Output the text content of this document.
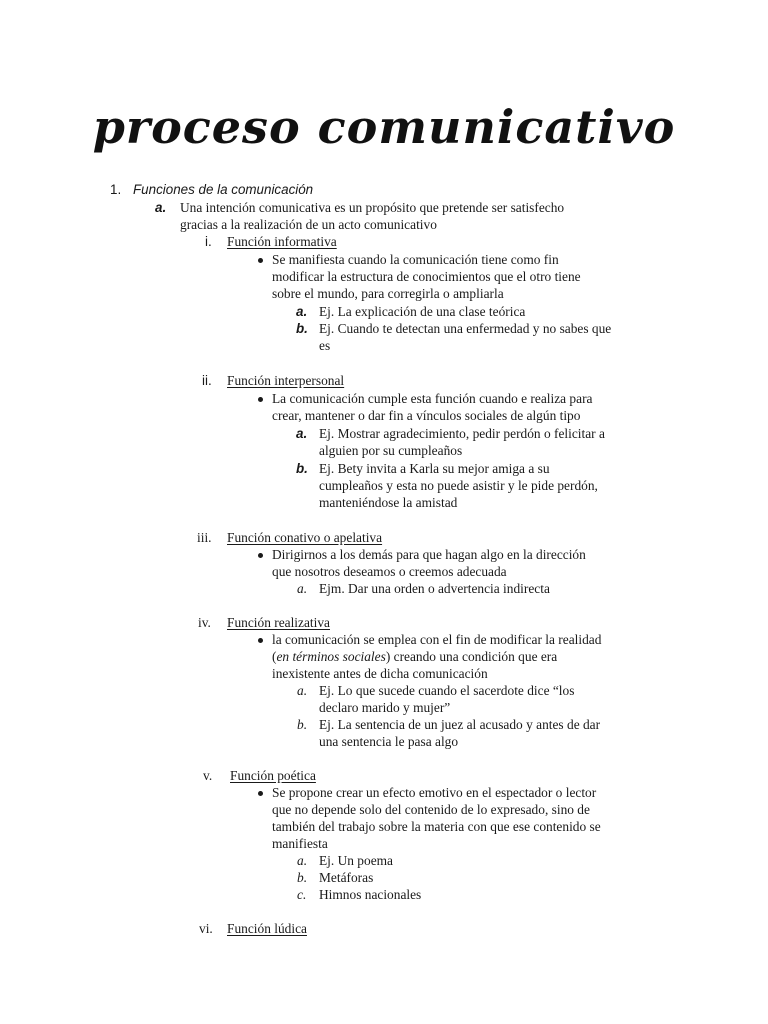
proceso comunicativo
1. Funciones de la comunicación
a. Una intención comunicativa es un propósito que pretende ser satisfecho
gracias a la realización de un acto comunicativo
i. Función informativa
Se manifiesta cuando la comunicación tiene como fin
modificar la estructura de conocimientos que el otro tiene
sobre el mundo, para corregirla o ampliarla
a. Ej. La explicación de una clase teórica
b. Ej. Cuando te detectan una enfermedad y no sabes que
es
ii. Función interpersonal
La comunicación cumple esta función cuando e realiza para
crear, mantener o dar fin a vínculos sociales de algún tipo
a. Ej. Mostrar agradecimiento, pedir perdón o felicitar a
alguien por su cumpleaños
b. Ej. Bety invita a Karla su mejor amiga a su
cumpleaños y esta no puede asistir y le pide perdón,
manteniéndose la amistad
iii. Función conativo o apelativa
Dirigirnos a los demás para que hagan algo en la dirección
que nosotros deseamos o creemos adecuada
a. Ejm. Dar una orden o advertencia indirecta
iv. Función realizativa
la comunicación se emplea con el fin de modificar la realidad
(en términos sociales) creando una condición que era
inexistente antes de dicha comunicación
a. Ej. Lo que sucede cuando el sacerdote dice “los
declaro marido y mujer”
b. Ej. La sentencia de un juez al acusado y antes de dar
una sentencia le pasa algo
v. Función poética
Se propone crear un efecto emotivo en el espectador o lector
que no depende solo del contenido de lo expresado, sino de
también del trabajo sobre la materia con que ese contenido se
manifiesta
a. Ej. Un poema
b. Metáforas
c. Himnos nacionales
vi. Función lúdica
